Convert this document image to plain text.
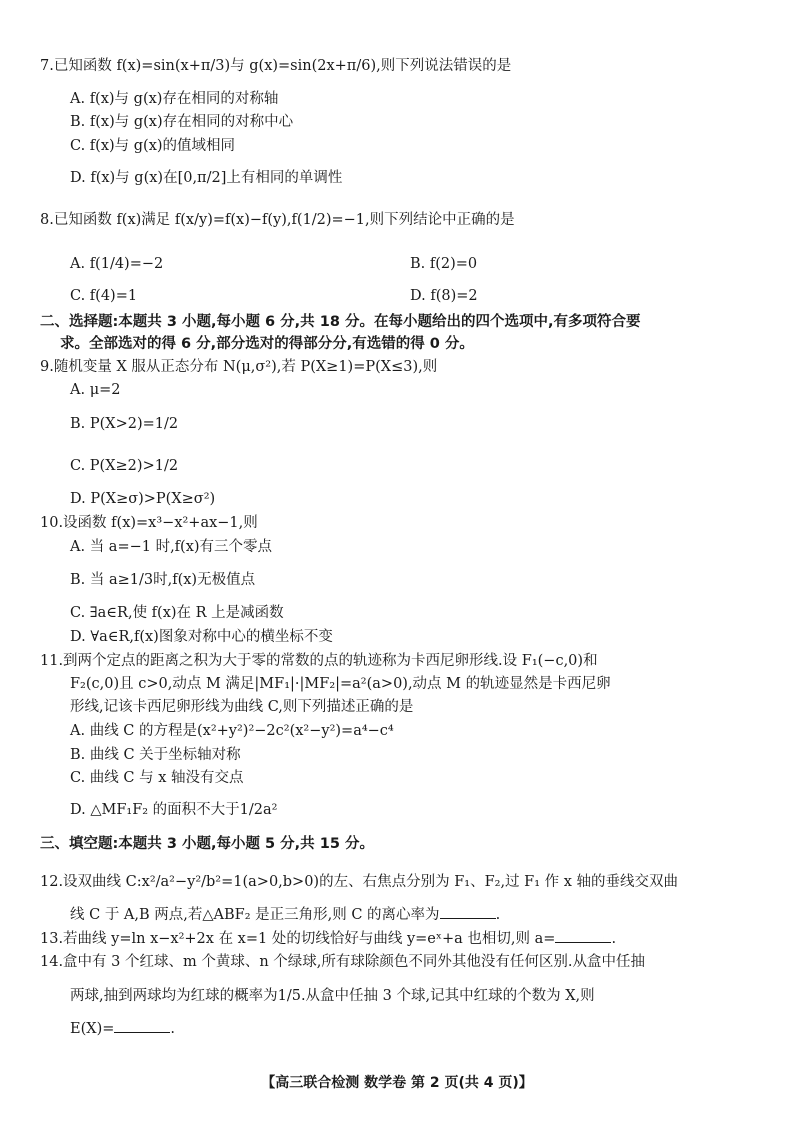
7.已知函数 f(x)=sin(x+π/3)与 g(x)=sin(2x+π/6),则下列说法错误的是
A. f(x)与 g(x)存在相同的对称轴
B. f(x)与 g(x)存在相同的对称中心
C. f(x)与 g(x)的值域相同
D. f(x)与 g(x)在[0,π/2]上有相同的单调性
8.已知函数 f(x)满足 f(x/y)=f(x)−f(y),f(1/2)=−1,则下列结论中正确的是
A. f(1/4)=−2	B. f(2)=0
C. f(4)=1	D. f(8)=2
二、选择题:本题共 3 小题,每小题 6 分,共 18 分。在每小题给出的四个选项中,有多项符合要
求。全部选对的得 6 分,部分选对的得部分分,有选错的得 0 分。
9.随机变量 X 服从正态分布 N(μ,σ²),若 P(X≥1)=P(X≤3),则
A. μ=2
B. P(X>2)=1/2
C. P(X≥2)>1/2
D. P(X≥σ)>P(X≥σ²)
10.设函数 f(x)=x³−x²+ax−1,则
A. 当 a=−1 时,f(x)有三个零点
B. 当 a≥1/3时,f(x)无极值点
C. ∃a∈R,使 f(x)在 R 上是减函数
D. ∀a∈R,f(x)图象对称中心的横坐标不变
11.到两个定点的距离之积为大于零的常数的点的轨迹称为卡西尼卵形线.设 F₁(−c,0)和
F₂(c,0)且 c>0,动点 M 满足|MF₁|·|MF₂|=a²(a>0),动点 M 的轨迹显然是卡西尼卵
形线,记该卡西尼卵形线为曲线 C,则下列描述正确的是
A. 曲线 C 的方程是(x²+y²)²−2c²(x²−y²)=a⁴−c⁴
B. 曲线 C 关于坐标轴对称
C. 曲线 C 与 x 轴没有交点
D. △MF₁F₂ 的面积不大于1/2a²
三、填空题:本题共 3 小题,每小题 5 分,共 15 分。
12.设双曲线 C:x²/a²−y²/b²=1(a>0,b>0)的左、右焦点分别为 F₁、F₂,过 F₁ 作 x 轴的垂线交双曲
线 C 于 A,B 两点,若△ABF₂ 是正三角形,则 C 的离心率为	.
13.若曲线 y=ln x−x²+2x 在 x=1 处的切线恰好与曲线 y=eˣ+a 也相切,则 a=	.
14.盒中有 3 个红球、m 个黄球、n 个绿球,所有球除颜色不同外其他没有任何区别.从盒中任抽
两球,抽到两球均为红球的概率为1/5.从盒中任抽 3 个球,记其中红球的个数为 X,则
E(X)=	.
【高三联合检测 数学卷 第 2 页(共 4 页)】
